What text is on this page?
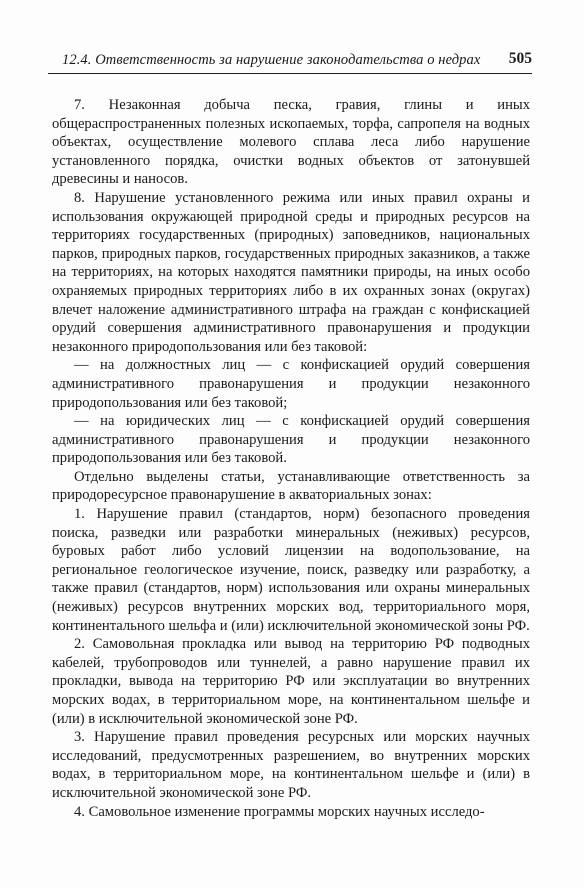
12.4. Ответственность за нарушение законодательства о недрах 505

7. Незаконная добыча песка, гравия, глины и иных общераспространенных полезных ископаемых, торфа, сапропеля на водных объектах, осуществление молевого сплава леса либо нарушение установленного порядка, очистки водных объектов от затонувшей древесины и наносов.

8. Нарушение установленного режима или иных правил охраны и использования окружающей природной среды и природных ресурсов на территориях государственных (природных) заповедников, национальных парков, природных парков, государственных природных заказников, а также на территориях, на которых находятся памятники природы, на иных особо охраняемых природных территориях либо в их охранных зонах (округах) влечет наложение административного штрафа на граждан с конфискацией орудий совершения административного правонарушения и продукции незаконного природопользования или без таковой:

— на должностных лиц — с конфискацией орудий совершения административного правонарушения и продукции незаконного природопользования или без таковой;

— на юридических лиц — с конфискацией орудий совершения административного правонарушения и продукции незаконного природопользования или без таковой.

Отдельно выделены статьи, устанавливающие ответственность за природоресурсное правонарушение в акваториальных зонах:

1. Нарушение правил (стандартов, норм) безопасного проведения поиска, разведки или разработки минеральных (неживых) ресурсов, буровых работ либо условий лицензии на водопользование, на региональное геологическое изучение, поиск, разведку или разработку, а также правил (стандартов, норм) использования или охраны минеральных (неживых) ресурсов внутренних морских вод, территориального моря, континентального шельфа и (или) исключительной экономической зоны РФ.

2. Самовольная прокладка или вывод на территорию РФ подводных кабелей, трубопроводов или туннелей, а равно нарушение правил их прокладки, вывода на территорию РФ или эксплуатации во внутренних морских водах, в территориальном море, на континентальном шельфе и (или) в исключительной экономической зоне РФ.

3. Нарушение правил проведения ресурсных или морских научных исследований, предусмотренных разрешением, во внутренних морских водах, в территориальном море, на континентальном шельфе и (или) в исключительной экономической зоне РФ.

4. Самовольное изменение программы морских научных исследо-
